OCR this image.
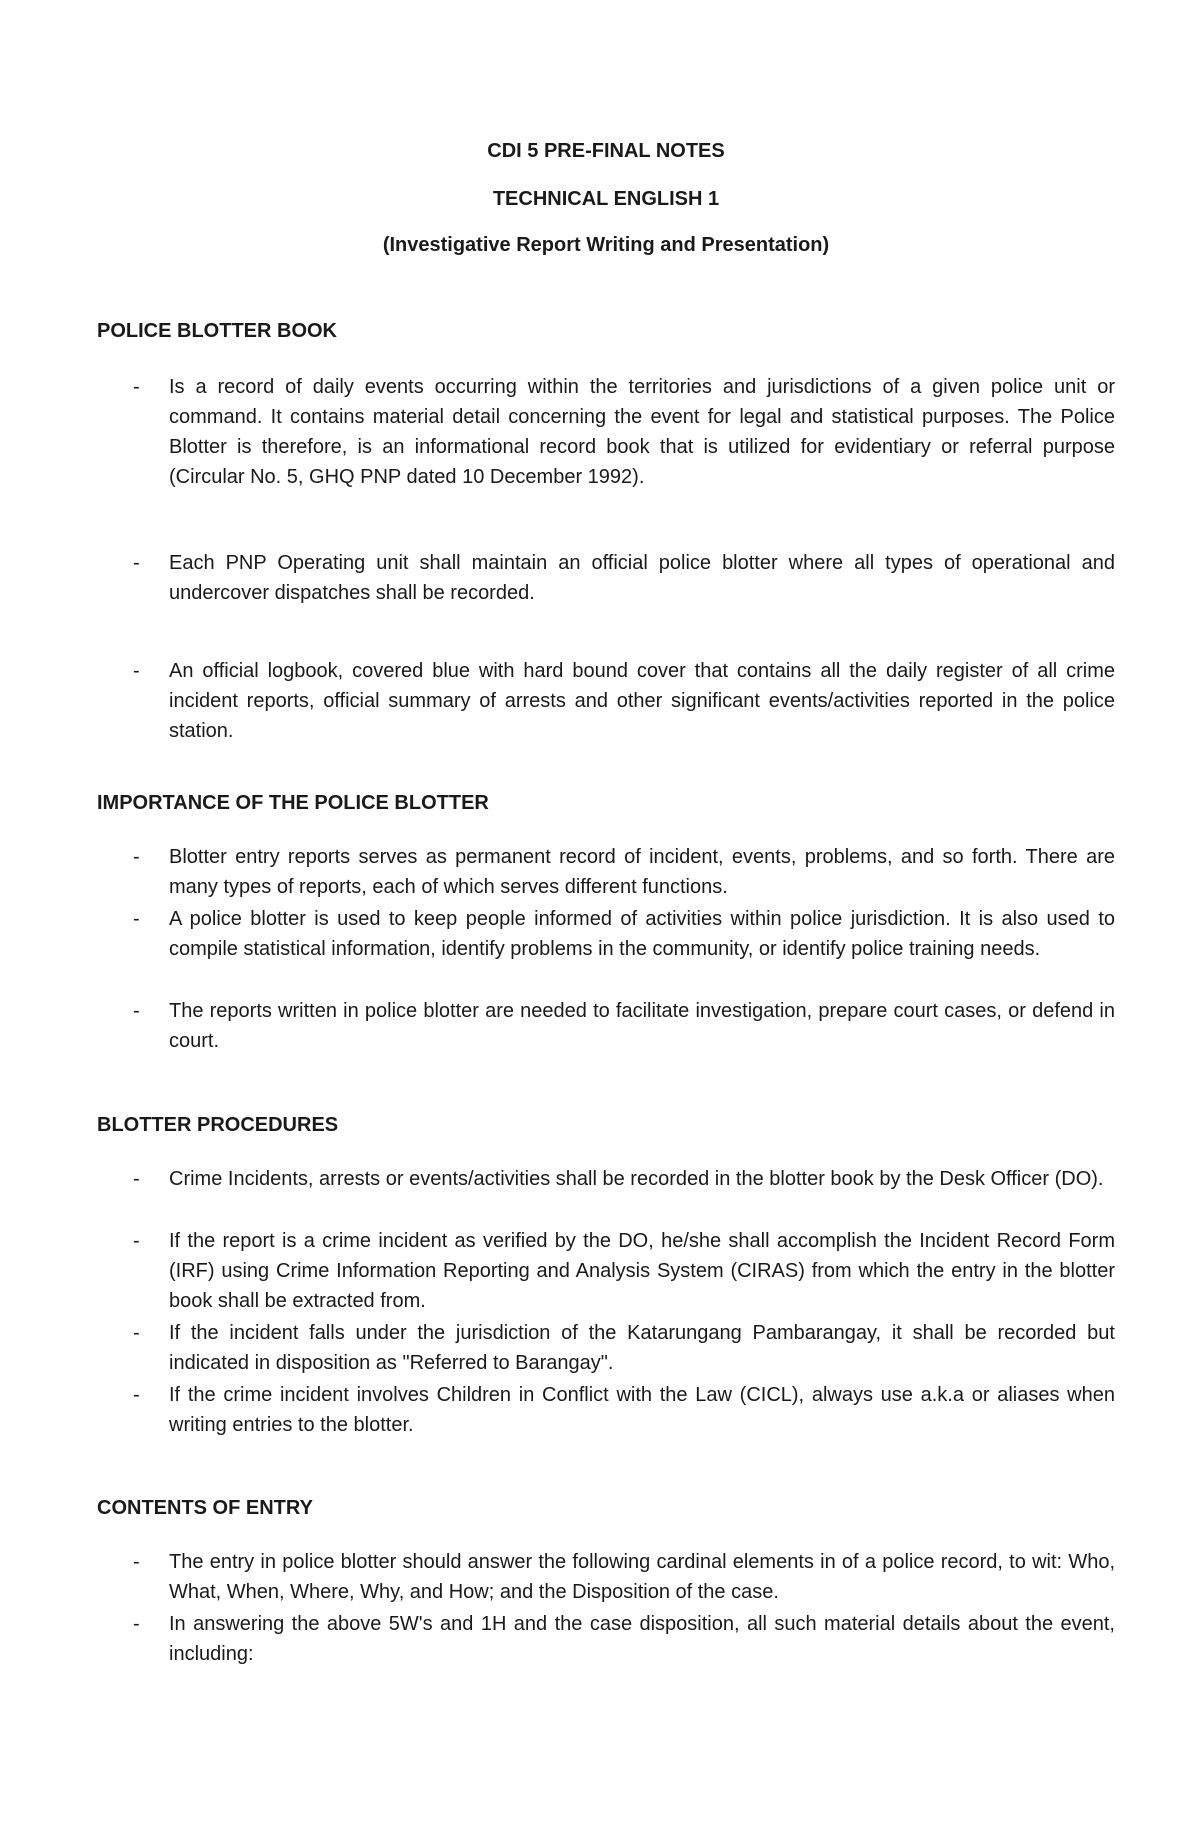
CDI 5 PRE-FINAL NOTES
TECHNICAL ENGLISH 1
(Investigative Report Writing and Presentation)
POLICE BLOTTER BOOK
- Is a record of daily events occurring within the territories and jurisdictions of a given police unit or command. It contains material detail concerning the event for legal and statistical purposes. The Police Blotter is therefore, is an informational record book that is utilized for evidentiary or referral purpose (Circular No. 5, GHQ PNP dated 10 December 1992).
- Each PNP Operating unit shall maintain an official police blotter where all types of operational and undercover dispatches shall be recorded.
- An official logbook, covered blue with hard bound cover that contains all the daily register of all crime incident reports, official summary of arrests and other significant events/activities reported in the police station.
IMPORTANCE OF THE POLICE BLOTTER
- Blotter entry reports serves as permanent record of incident, events, problems, and so forth. There are many types of reports, each of which serves different functions.
- A police blotter is used to keep people informed of activities within police jurisdiction. It is also used to compile statistical information, identify problems in the community, or identify police training needs.
- The reports written in police blotter are needed to facilitate investigation, prepare court cases, or defend in court.
BLOTTER PROCEDURES
- Crime Incidents, arrests or events/activities shall be recorded in the blotter book by the Desk Officer (DO).
- If the report is a crime incident as verified by the DO, he/she shall accomplish the Incident Record Form (IRF) using Crime Information Reporting and Analysis System (CIRAS) from which the entry in the blotter book shall be extracted from.
- If the incident falls under the jurisdiction of the Katarungang Pambarangay, it shall be recorded but indicated in disposition as "Referred to Barangay".
- If the crime incident involves Children in Conflict with the Law (CICL), always use a.k.a or aliases when writing entries to the blotter.
CONTENTS OF ENTRY
- The entry in police blotter should answer the following cardinal elements in of a police record, to wit: Who, What, When, Where, Why, and How; and the Disposition of the case.
- In answering the above 5W's and 1H and the case disposition, all such material details about the event, including:
